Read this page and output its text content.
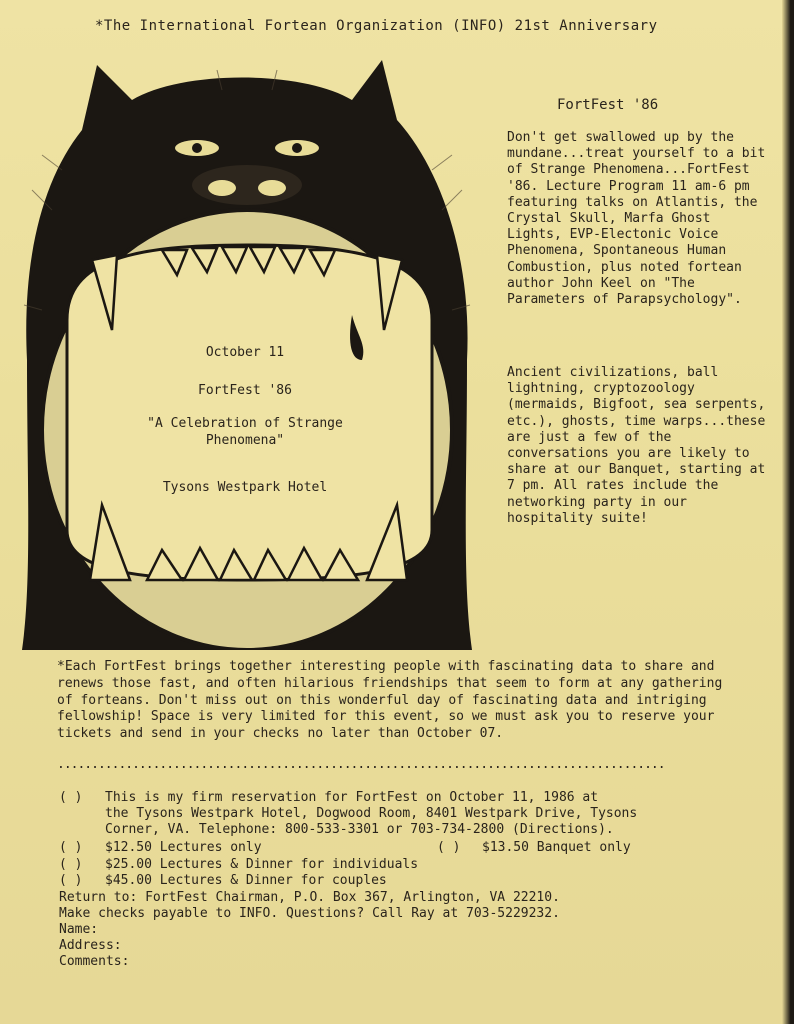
*The International Fortean Organization (INFO) 21st Anniversary
October 11
FortFest '86
"A Celebration of Strange Phenomena"
Tysons Westpark Hotel
FortFest '86

Don't get swallowed up by the mundane...treat yourself to a bit of Strange Phenomena...FortFest '86. Lecture Program 11 am-6 pm featuring talks on Atlantis, the Crystal Skull, Marfa Ghost Lights, EVP-Electonic Voice Phenomena, Spontaneous Human Combustion, plus noted fortean author John Keel on "The Parameters of Parapsychology".

Ancient civilizations, ball lightning, cryptozoology (mermaids, Bigfoot, sea serpents, etc.), ghosts, time warps...these are just a few of the conversations you are likely to share at our Banquet, starting at 7 pm. All rates include the networking party in our hospitality suite!

*Each FortFest brings together interesting people with fascinating data to share and renews those fast, and often hilarious friendships that seem to form at any gathering of forteans. Don't miss out on this wonderful day of fascinating data and intriging fellowship! Space is very limited for this event, so we must ask you to reserve your tickets and send in your checks no later than October 07.
.........................................................................................
( ) This is my firm reservation for FortFest on October 11, 1986 at
the Tysons Westpark Hotel, Dogwood Room, 8401 Westpark Drive, Tysons
Corner, VA. Telephone: 800-533-3301 or 703-734-2800 (Directions).
( ) $12.50 Lectures only	( ) $13.50 Banquet only
( ) $25.00 Lectures & Dinner for individuals
( ) $45.00 Lectures & Dinner for couples
Return to: FortFest Chairman, P.O. Box 367, Arlington, VA 22210.
Make checks payable to INFO. Questions? Call Ray at 703-5229232.
Name:
Address:
Comments:
